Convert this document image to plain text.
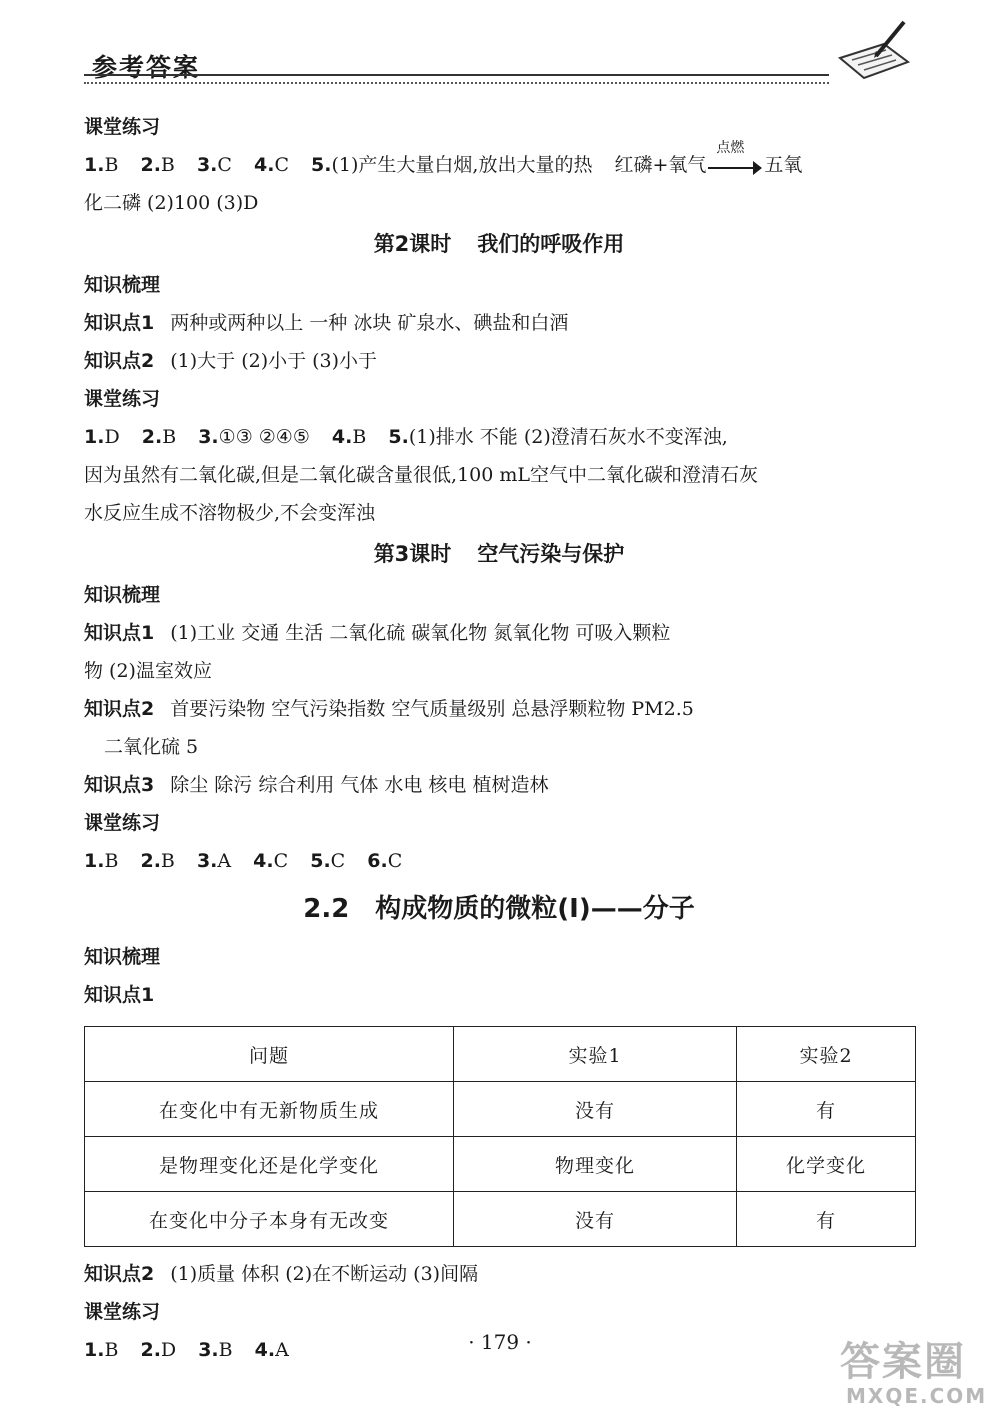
参考答案
课堂练习
1.B 2.B 3.C 4.C 5.(1)产生大量白烟,放出大量的热 红磷+氧气
点燃
五氧
化二磷 (2)100 (3)D
第2课时 我们的呼吸作用
知识梳理
知识点1 两种或两种以上 一种 冰块 矿泉水、碘盐和白酒
知识点2 (1)大于 (2)小于 (3)小于
课堂练习
1.D 2.B 3.①③ ②④⑤ 4.B 5.(1)排水 不能 (2)澄清石灰水不变浑浊,
因为虽然有二氧化碳,但是二氧化碳含量很低,100 mL空气中二氧化碳和澄清石灰
水反应生成不溶物极少,不会变浑浊
第3课时 空气污染与保护
知识梳理
知识点1 (1)工业 交通 生活 二氧化硫 碳氧化物 氮氧化物 可吸入颗粒
物 (2)温室效应
知识点2 首要污染物 空气污染指数 空气质量级别 总悬浮颗粒物 PM2.5
二氧化硫 5
知识点3 除尘 除污 综合利用 气体 水电 核电 植树造林
课堂练习
1.B 2.B 3.A 4.C 5.C 6.C
2.2 构成物质的微粒(Ⅰ)——分子
知识梳理
知识点1
问题	实验1	实验2
在变化中有无新物质生成	没有	有
是物理变化还是化学变化	物理变化	化学变化
在变化中分子本身有无改变	没有	有
知识点2 (1)质量 体积 (2)在不断运动 (3)间隔
课堂练习
1.B 2.D 3.B 4.A	· 179 ·	答案圈
MXQE.COM
